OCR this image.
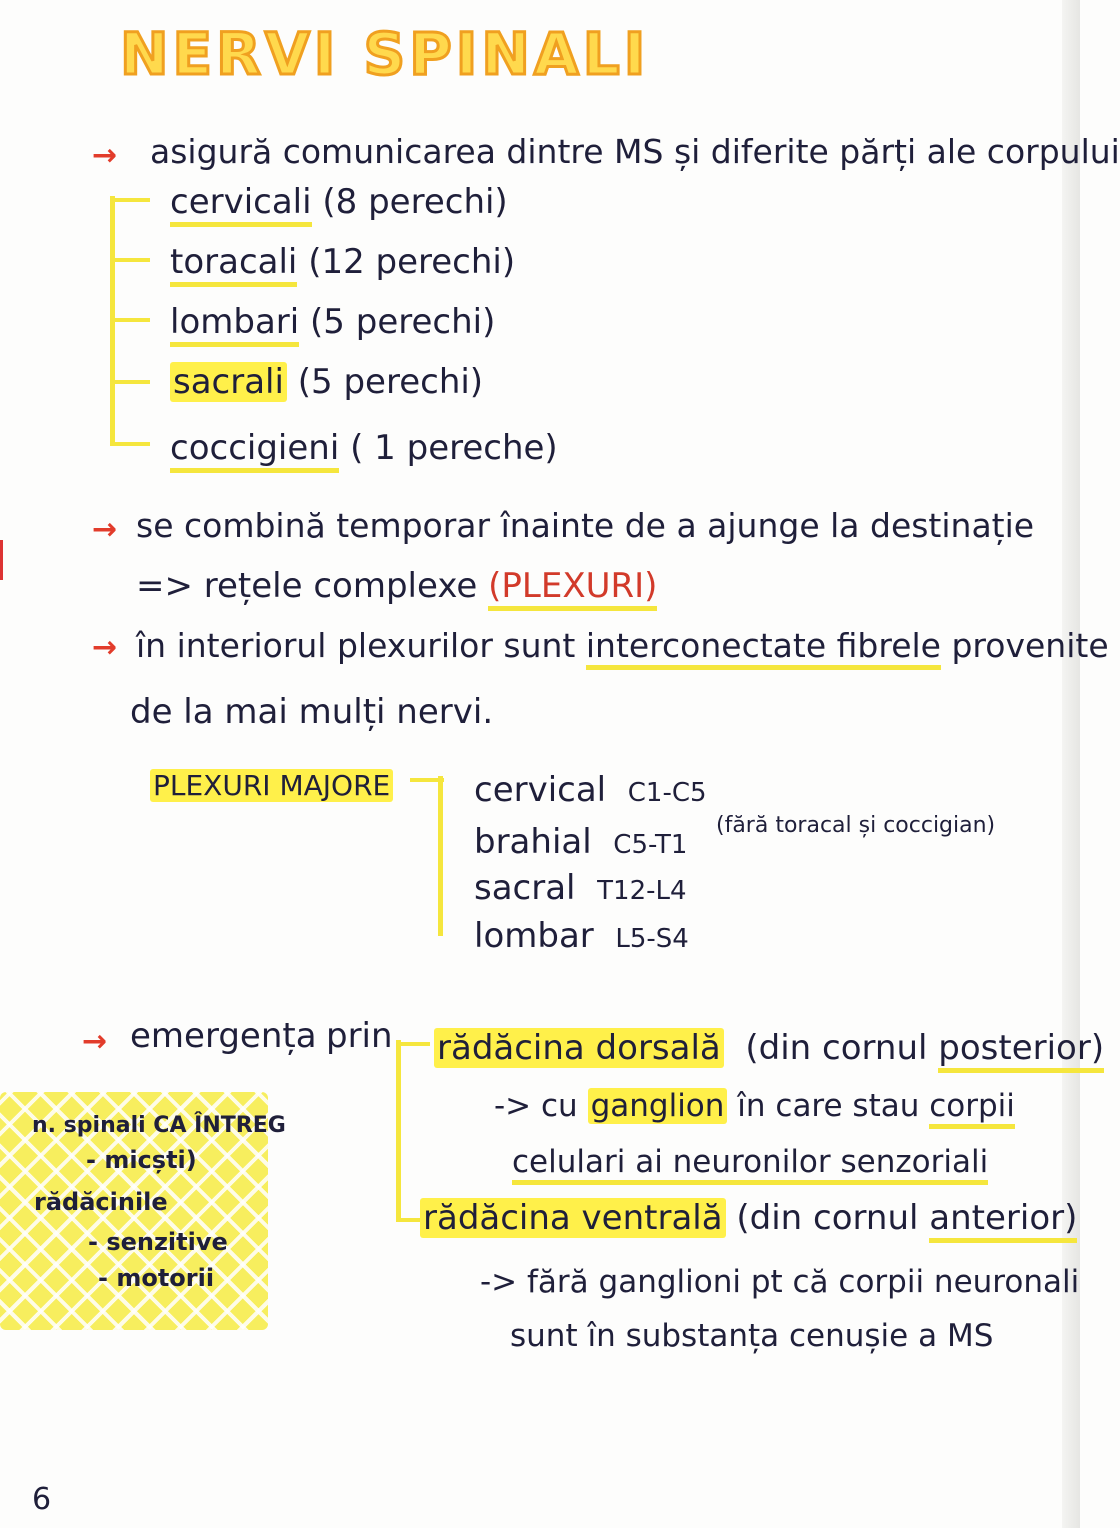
NERVI SPINALI
→ asigură comunicarea dintre MS și diferite părți ale corpului
cervicali (8 perechi)
toracali (12 perechi)
lombari (5 perechi)
sacrali (5 perechi)
coccigieni ( 1 pereche)
→ se combină temporar înainte de a ajunge la destinație
=> rețele complexe (PLEXURI)
→ în interiorul plexurilor sunt interconectate fibrele provenite
de la mai mulți nervi.
PLEXURI MAJORE cervical C1-C5
brahial C5-T1
sacral T12-L4
lombar L5-S4
(fără toracal și coccigian)
→ emergența prin rădăcina dorsală (din cornul posterior)
-> cu ganglion în care stau corpii
celulari ai neuronilor senzoriali
rădăcina ventrală (din cornul anterior)
-> fără ganglioni pt că corpii neuronali
sunt în substanța cenușie a MS
n. spinali CA ÎNTREG
- micști)
rădăcinile
- senzitive
- motorii
6
